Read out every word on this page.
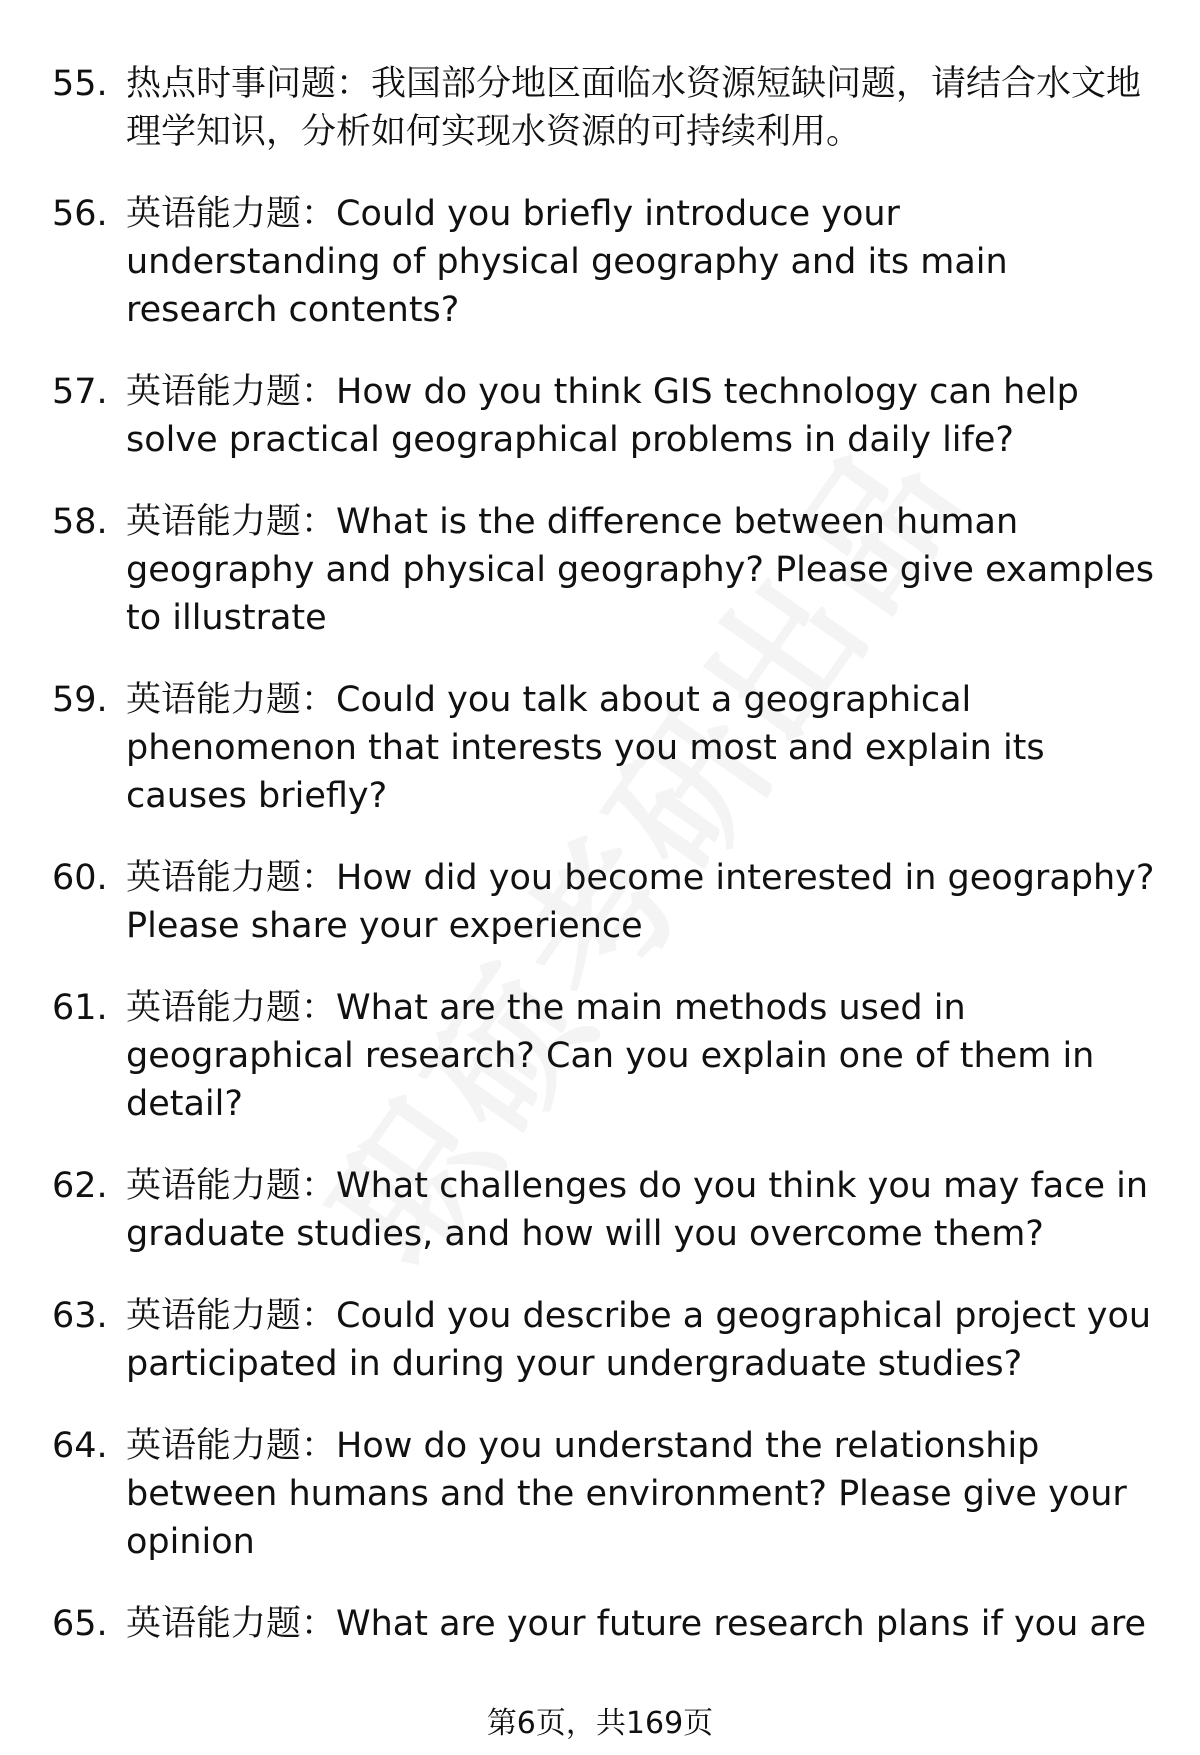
55. 热点时事问题：我国部分地区面临水资源短缺问题，请结合水文地理学知识，分析如何实现水资源的可持续利用。
56. 英语能力题：Could you briefly introduce your understanding of physical geography and its main research contents?
57. 英语能力题：How do you think GIS technology can help solve practical geographical problems in daily life?
58. 英语能力题：What is the difference between human geography and physical geography? Please give examples to illustrate
59. 英语能力题：Could you talk about a geographical phenomenon that interests you most and explain its causes briefly?
60. 英语能力题：How did you become interested in geography? Please share your experience
61. 英语能力题：What are the main methods used in geographical research? Can you explain one of them in detail?
62. 英语能力题：What challenges do you think you may face in graduate studies, and how will you overcome them?
63. 英语能力题：Could you describe a geographical project you participated in during your undergraduate studies?
64. 英语能力题：How do you understand the relationship between humans and the environment? Please give your opinion
65. 英语能力题：What are your future research plans if you are
第6页，共169页
